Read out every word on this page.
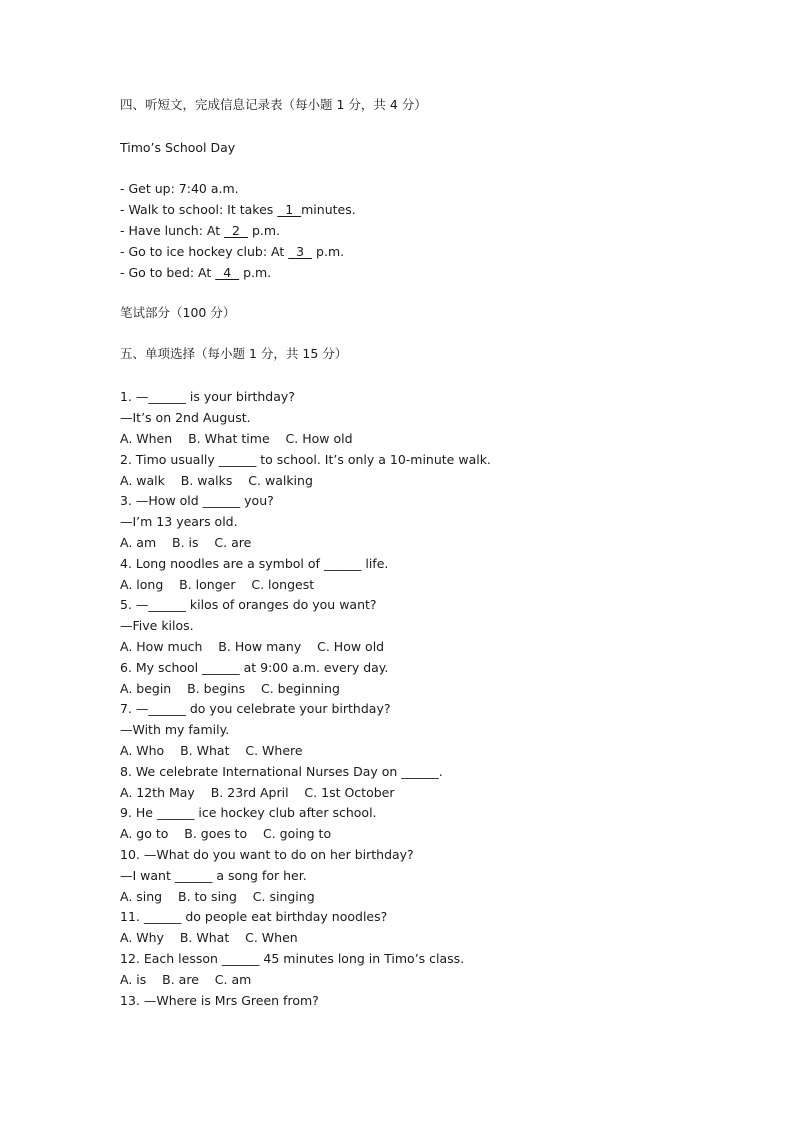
四、听短文，完成信息记录表（每小题 1 分，共 4 分）
Timo’s School Day
- Get up: 7:40 a.m.
- Walk to school: It takes   1  minutes.
- Have lunch: At   2   p.m.
- Go to ice hockey club: At   3   p.m.
- Go to bed: At   4   p.m.
笔试部分（100 分）
五、单项选择（每小题 1 分，共 15 分）
1. —______ is your birthday?
—It’s on 2nd August.
A. When    B. What time    C. How old
2. Timo usually ______ to school. It’s only a 10-minute walk.
A. walk    B. walks    C. walking
3. —How old ______ you?
—I’m 13 years old.
A. am    B. is    C. are
4. Long noodles are a symbol of ______ life.
A. long    B. longer    C. longest
5. —______ kilos of oranges do you want?
—Five kilos.
A. How much    B. How many    C. How old
6. My school ______ at 9:00 a.m. every day.
A. begin    B. begins    C. beginning
7. —______ do you celebrate your birthday?
—With my family.
A. Who    B. What    C. Where
8. We celebrate International Nurses Day on ______.
A. 12th May    B. 23rd April    C. 1st October
9. He ______ ice hockey club after school.
A. go to    B. goes to    C. going to
10. —What do you want to do on her birthday?
—I want ______ a song for her.
A. sing    B. to sing    C. singing
11. ______ do people eat birthday noodles?
A. Why    B. What    C. When
12. Each lesson ______ 45 minutes long in Timo’s class.
A. is    B. are    C. am
13. —Where is Mrs Green from?
